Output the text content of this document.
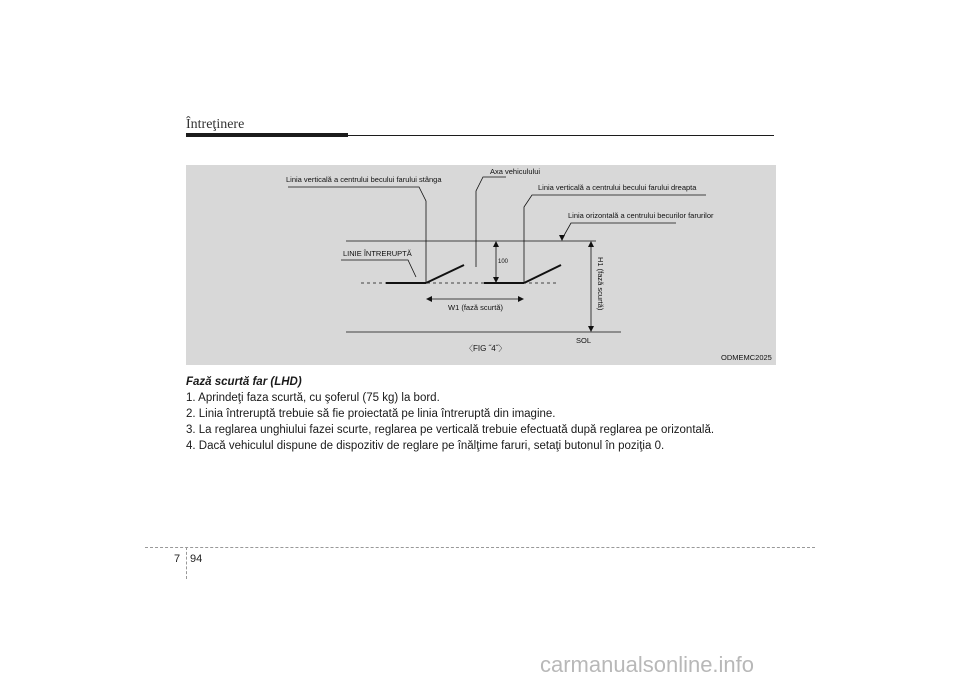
Întreţinere
Linia verticală a centrului becului farului stânga
Axa vehiculului
Linia verticală a centrului becului farului dreapta
Linia orizontală a centrului becurilor farurilor
LINIE ÎNTRERUPTĂ
100	H1 (fază scurtă)
W1 (fază scurtă)
SOL
〈FIG ˝4˝〉
ODMEMC2025

Fază scurtă far (LHD)

1. Aprindeţi faza scurtă, cu şoferul (75 kg) la bord.

2. Linia întreruptă trebuie să fie proiectată pe linia întreruptă din imagine.

3. La reglarea unghiului fazei scurte, reglarea pe verticală trebuie efectuată după reglarea pe orizontală.

4. Dacă vehiculul dispune de dispozitiv de reglare pe înălţime faruri, setaţi butonul în poziţia 0.

7 94
carmanualsonline.info
